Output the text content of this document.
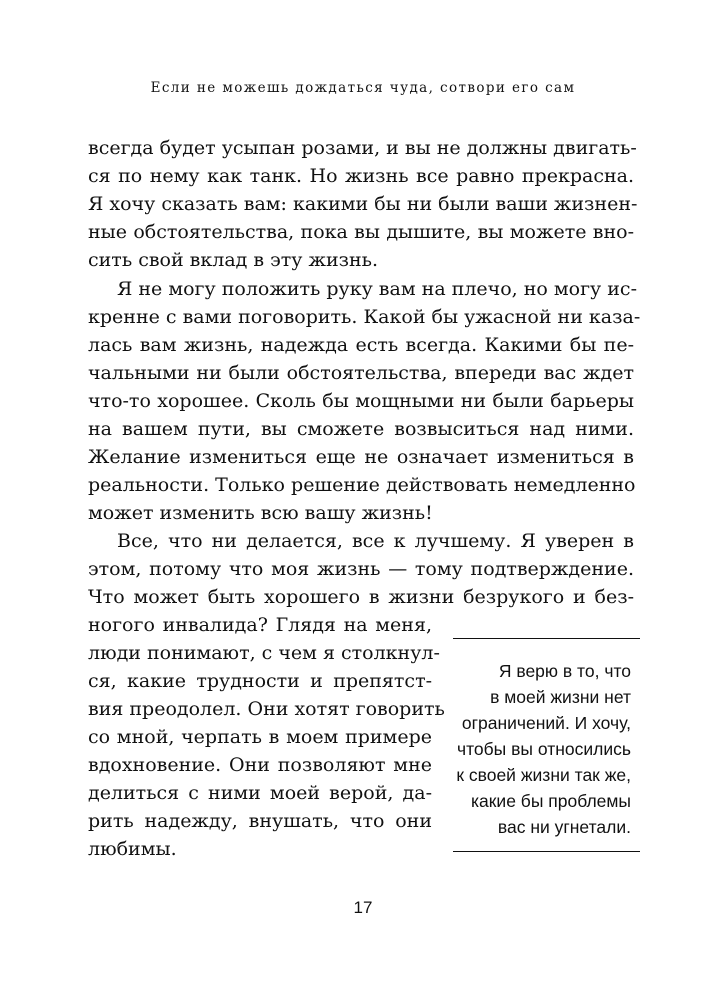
Если не можешь дождаться чуда, сотвори его сам
всегда будет усыпан розами, и вы не должны двигать-
ся по нему как танк. Но жизнь все равно прекрасна.
Я хочу сказать вам: какими бы ни были ваши жизнен-
ные обстоятельства, пока вы дышите, вы можете вно-
сить свой вклад в эту жизнь.
Я не могу положить руку вам на плечо, но могу ис-
кренне с вами поговорить. Какой бы ужасной ни каза-
лась вам жизнь, надежда есть всегда. Какими бы пе-
чальными ни были обстоятельства, впереди вас ждет
что-то хорошее. Сколь бы мощными ни были барьеры
на вашем пути, вы сможете возвыситься над ними.
Желание измениться еще не означает измениться в
реальности. Только решение действовать немедленно
может изменить всю вашу жизнь!
Все, что ни делается, все к лучшему. Я уверен в
этом, потому что моя жизнь — тому подтверждение.
Что может быть хорошего в жизни безрукого и без-
ногого инвалида? Глядя на меня,
люди понимают, с чем я столкнул-
ся, какие трудности и препятст-
вия преодолел. Они хотят говорить
со мной, черпать в моем примере
вдохновение. Они позволяют мне
делиться с ними моей верой, да-
рить надежду, внушать, что они
любимы.
Я верю в то, что
в моей жизни нет
ограничений. И хочу,
чтобы вы относились
к своей жизни так же,
какие бы проблемы
вас ни угнетали.
17
